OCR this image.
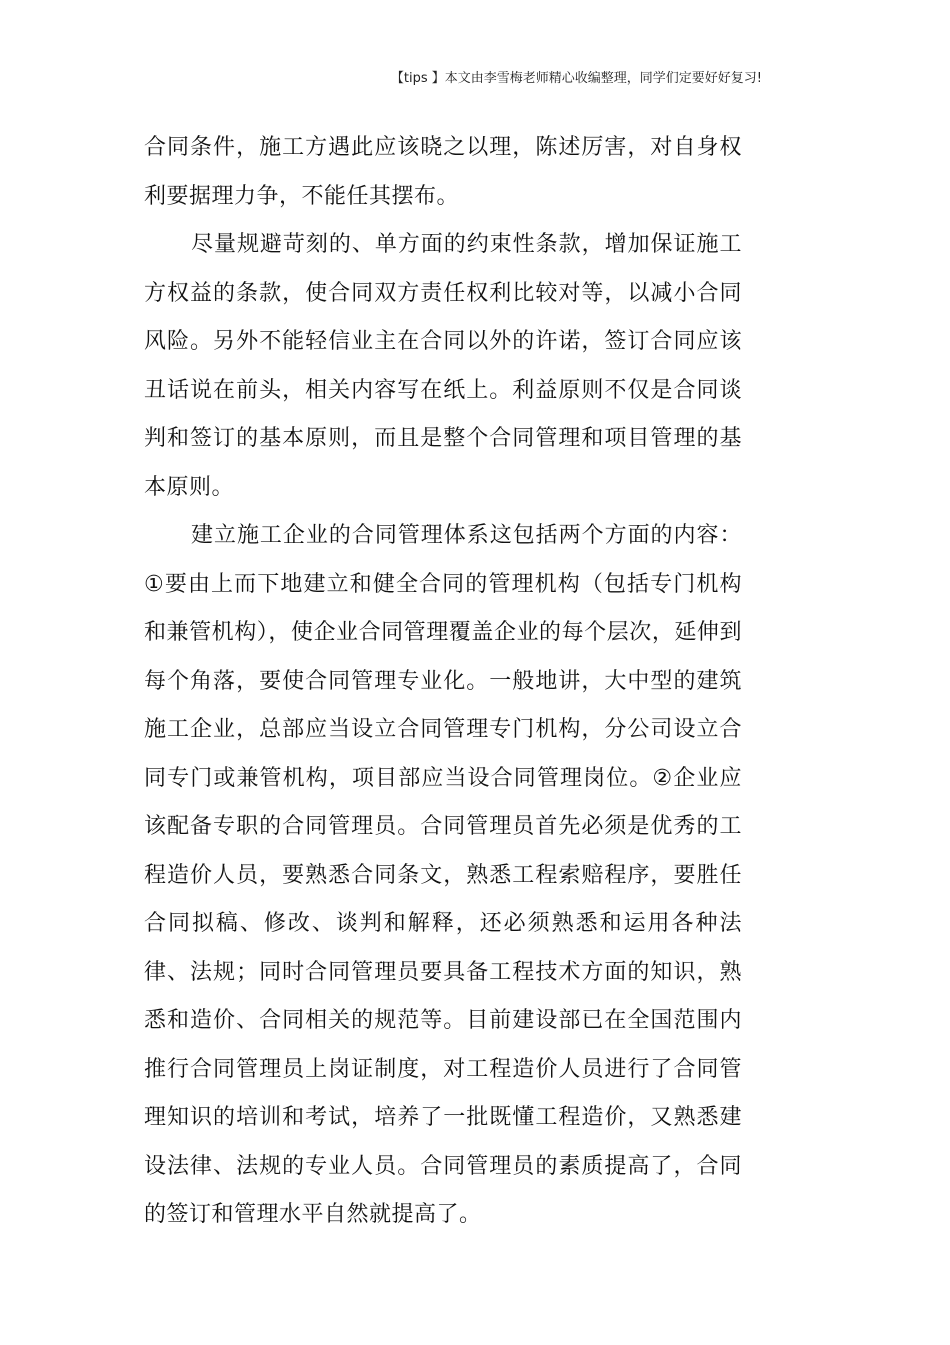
【tips 】本文由李雪梅老师精心收编整理，同学们定要好好复习!

合同条件，施工方遇此应该晓之以理，陈述厉害，对自身权利要据理力争，不能任其摆布。

尽量规避苛刻的、单方面的约束性条款，增加保证施工方权益的条款，使合同双方责任权利比较对等，以减小合同风险。另外不能轻信业主在合同以外的许诺，签订合同应该丑话说在前头，相关内容写在纸上。利益原则不仅是合同谈判和签订的基本原则，而且是整个合同管理和项目管理的基本原则。

建立施工企业的合同管理体系这包括两个方面的内容：①要由上而下地建立和健全合同的管理机构（包括专门机构和兼管机构），使企业合同管理覆盖企业的每个层次，延伸到每个角落，要使合同管理专业化。一般地讲，大中型的建筑施工企业，总部应当设立合同管理专门机构，分公司设立合同专门或兼管机构，项目部应当设合同管理岗位。②企业应该配备专职的合同管理员。合同管理员首先必须是优秀的工程造价人员，要熟悉合同条文，熟悉工程索赔程序，要胜任合同拟稿、修改、谈判和解释，还必须熟悉和运用各种法律、法规；同时合同管理员要具备工程技术方面的知识，熟悉和造价、合同相关的规范等。目前建设部已在全国范围内推行合同管理员上岗证制度，对工程造价人员进行了合同管理知识的培训和考试，培养了一批既懂工程造价，又熟悉建设法律、法规的专业人员。合同管理员的素质提高了，合同的签订和管理水平自然就提高了。
